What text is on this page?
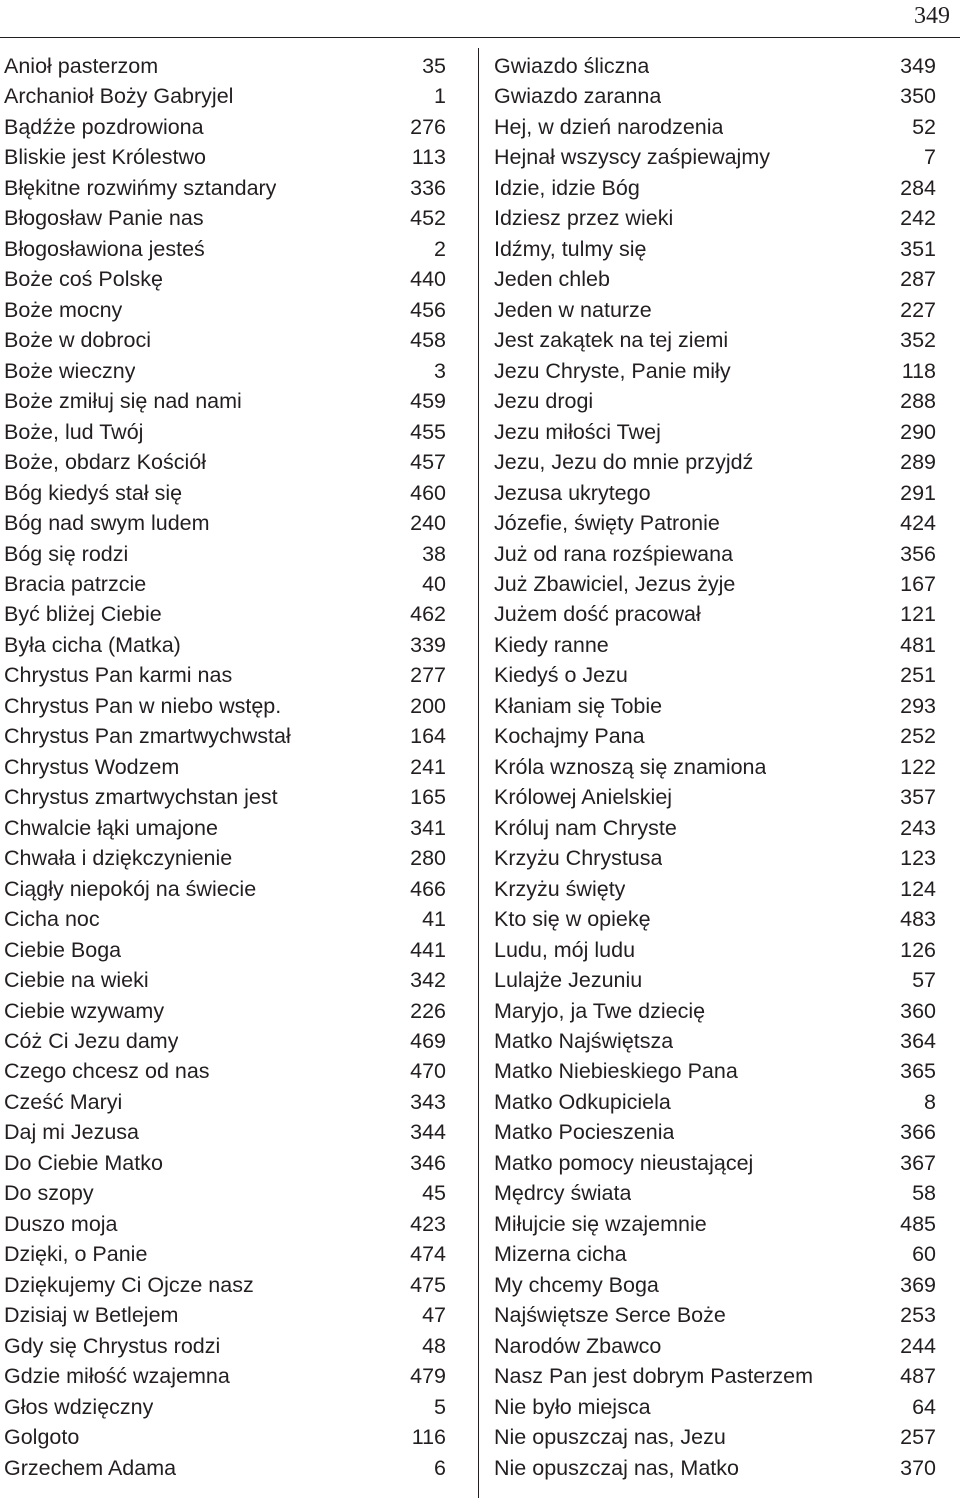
349
Anioł pasterzom	35
Archanioł Boży Gabryjel	1
Bądźże pozdrowiona	276
Bliskie jest Królestwo	113
Błękitne rozwińmy sztandary	336
Błogosław Panie nas	452
Błogosławiona jesteś	2
Boże coś Polskę	440
Boże mocny	456
Boże w dobroci	458
Boże wieczny	3
Boże zmiłuj się nad nami	459
Boże, lud Twój	455
Boże, obdarz Kościół	457
Bóg kiedyś stał się	460
Bóg nad swym ludem	240
Bóg się rodzi	38
Bracia patrzcie	40
Być bliżej Ciebie	462
Była cicha (Matka)	339
Chrystus Pan karmi nas	277
Chrystus Pan w niebo wstęp.	200
Chrystus Pan zmartwychwstał	164
Chrystus Wodzem	241
Chrystus zmartwychstan jest	165
Chwalcie łąki umajone	341
Chwała i dziękczynienie	280
Ciągły niepokój na świecie	466
Cicha noc	41
Ciebie Boga	441
Ciebie na wieki	342
Ciebie wzywamy	226
Cóż Ci Jezu damy	469
Czego chcesz od nas	470
Cześć Maryi	343
Daj mi Jezusa	344
Do Ciebie Matko	346
Do szopy	45
Duszo moja	423
Dzięki, o Panie	474
Dziękujemy Ci Ojcze nasz	475
Dzisiaj w Betlejem	47
Gdy się Chrystus rodzi	48
Gdzie miłość wzajemna	479
Głos wdzięczny	5
Golgoto	116
Grzechem Adama	6
Gwiazdo śliczna	349
Gwiazdo zaranna	350
Hej, w dzień narodzenia	52
Hejnał wszyscy zaśpiewajmy	7
Idzie, idzie Bóg	284
Idziesz przez wieki	242
Idźmy, tulmy się	351
Jeden chleb	287
Jeden w naturze	227
Jest zakątek na tej ziemi	352
Jezu Chryste, Panie miły	118
Jezu drogi	288
Jezu miłości Twej	290
Jezu, Jezu do mnie przyjdź	289
Jezusa ukrytego	291
Józefie, święty Patronie	424
Już od rana rozśpiewana	356
Już Zbawiciel, Jezus żyje	167
Jużem dość pracował	121
Kiedy ranne	481
Kiedyś o Jezu	251
Kłaniam się Tobie	293
Kochajmy Pana	252
Króla wznoszą się znamiona	122
Królowej Anielskiej	357
Króluj nam Chryste	243
Krzyżu Chrystusa	123
Krzyżu święty	124
Kto się w opiekę	483
Ludu, mój ludu	126
Lulajże Jezuniu	57
Maryjo, ja Twe dziecię	360
Matko Najświętsza	364
Matko Niebieskiego Pana	365
Matko Odkupiciela	8
Matko Pocieszenia	366
Matko pomocy nieustającej	367
Mędrcy świata	58
Miłujcie się wzajemnie	485
Mizerna cicha	60
My chcemy Boga	369
Najświętsze Serce Boże	253
Narodów Zbawco	244
Nasz Pan jest dobrym Pasterzem	487
Nie było miejsca	64
Nie opuszczaj nas, Jezu	257
Nie opuszczaj nas, Matko	370
